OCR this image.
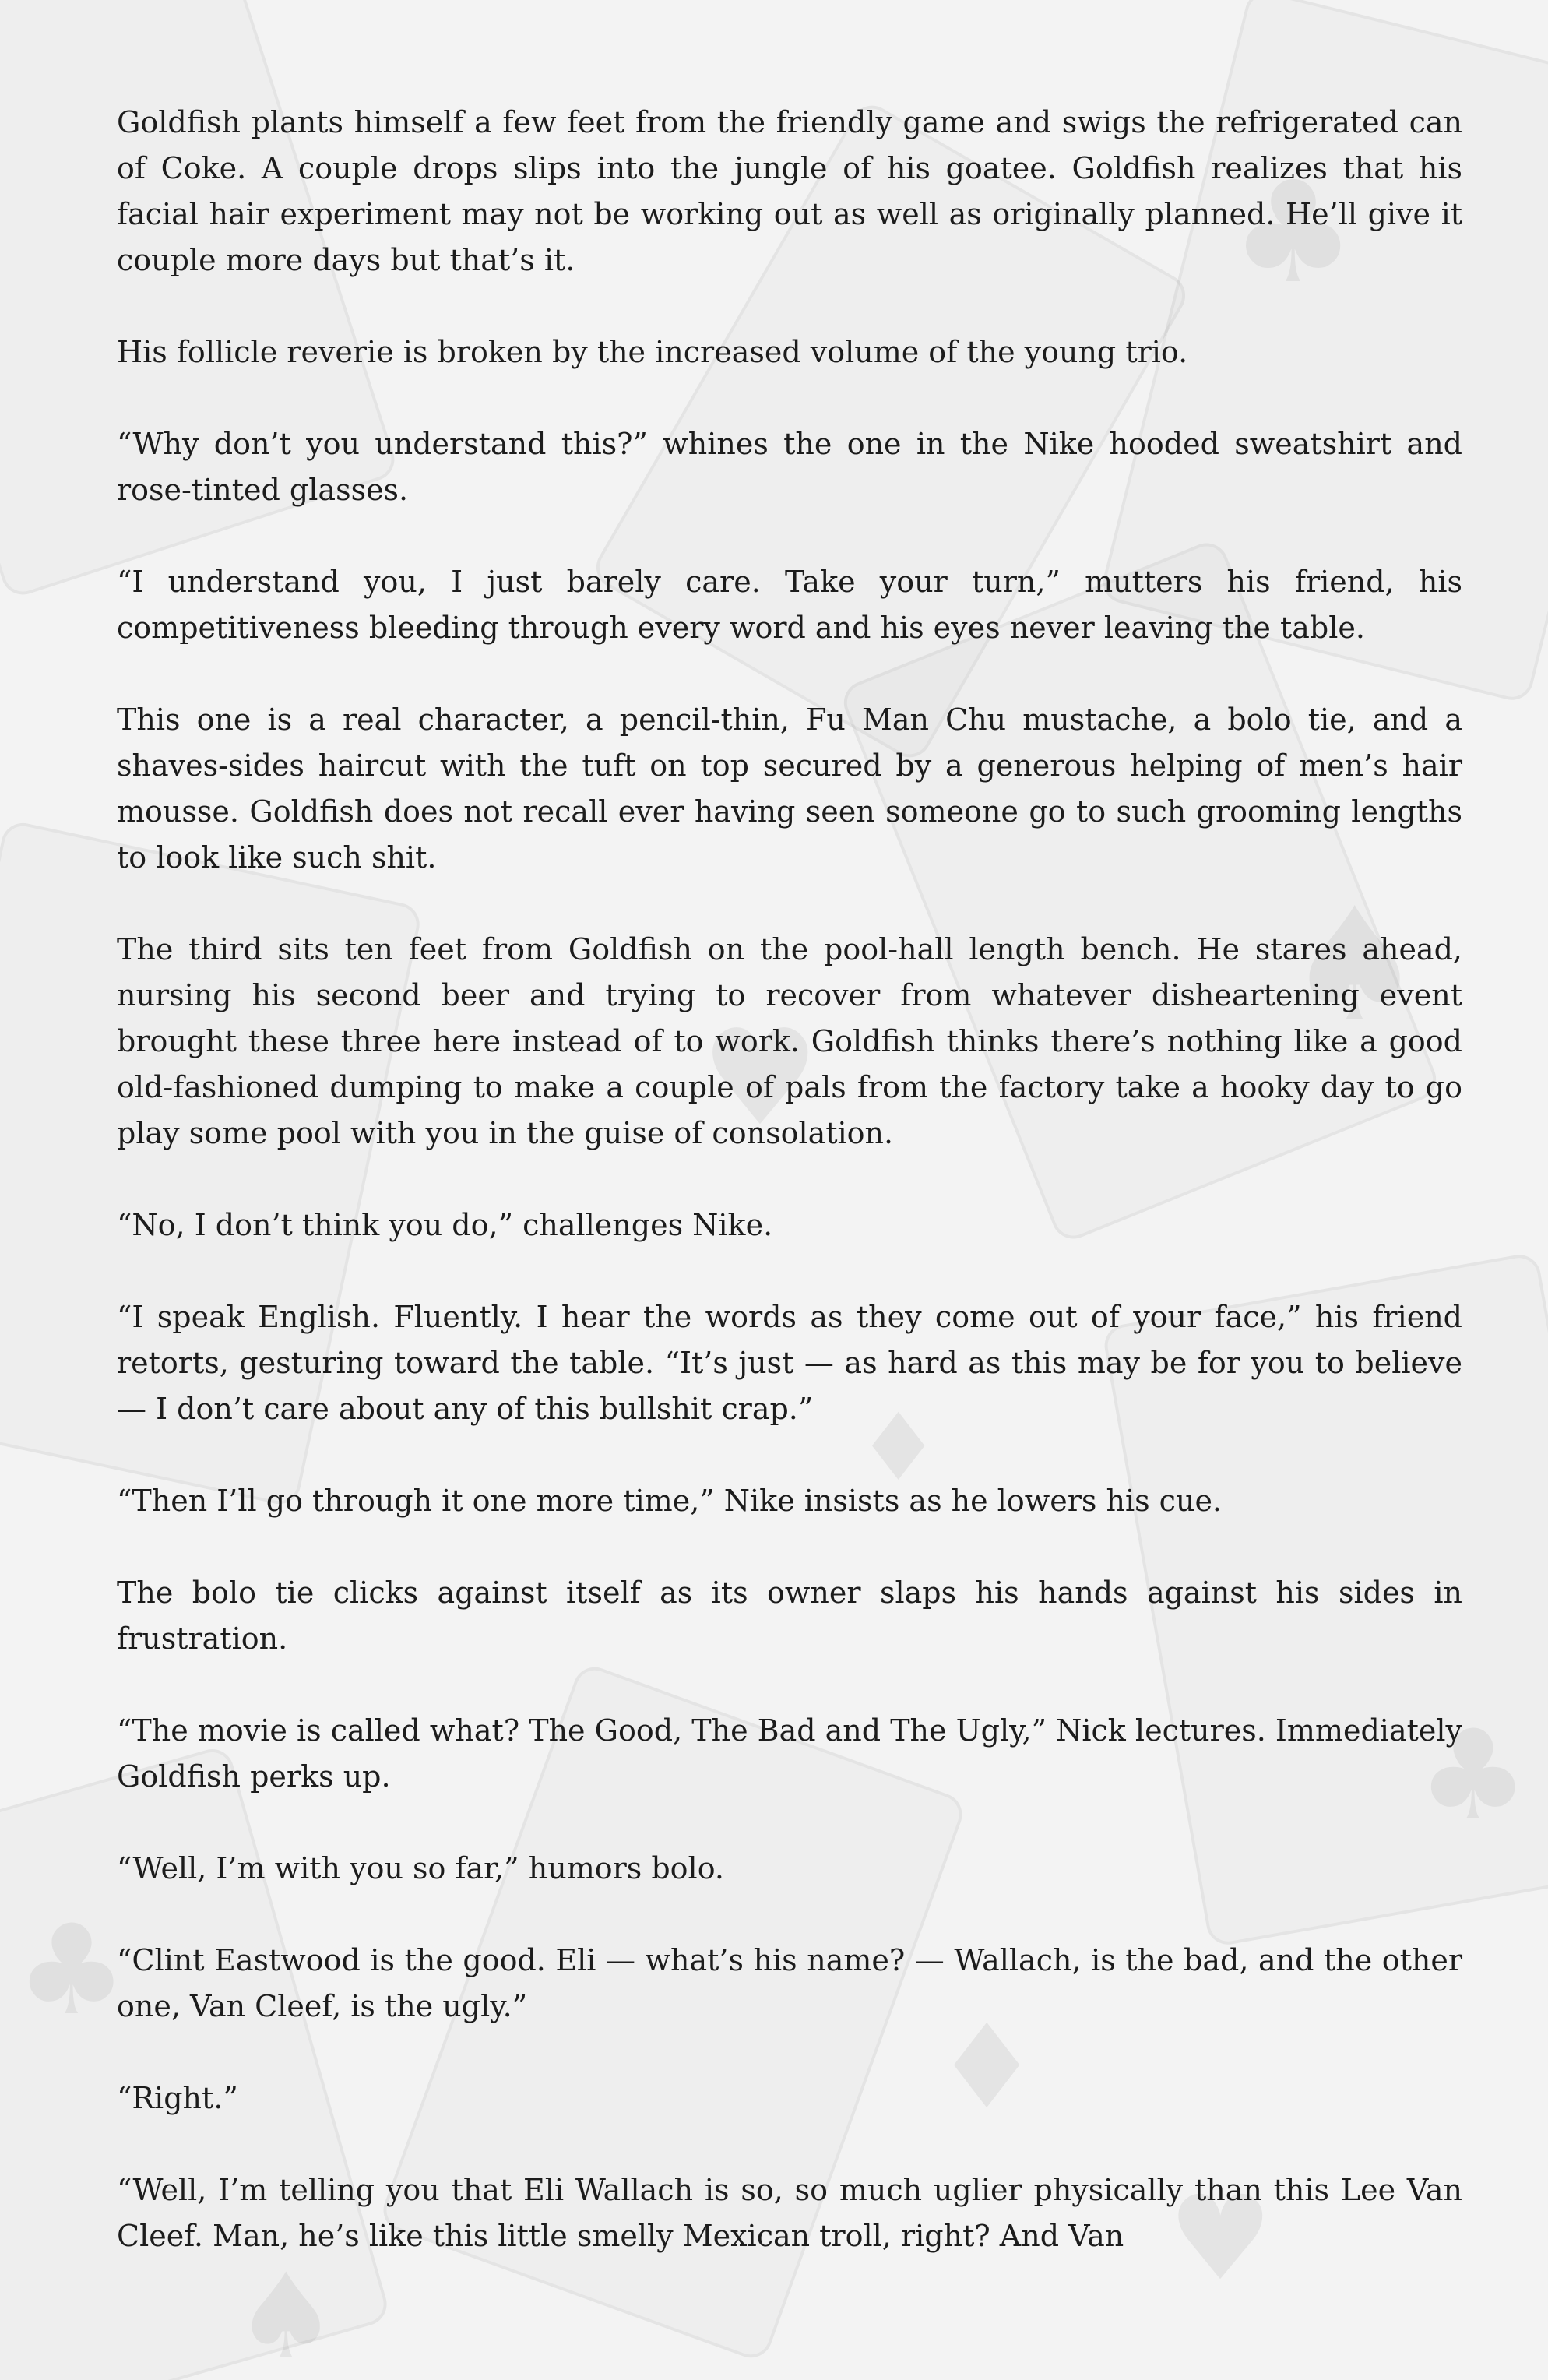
♣
♠
♥
♦
♣
♣
♥
♠
♦

Goldfish plants himself a few feet from the friendly game and swigs the refrigerated can of Coke. A couple drops slips into the jungle of his goatee. Goldfish realizes that his facial hair experiment may not be working out as well as originally planned. He’ll give it couple more days but that’s it.

His follicle reverie is broken by the increased volume of the young trio.

“Why don’t you understand this?” whines the one in the Nike hooded sweatshirt and rose-tinted glasses.

“I understand you, I just barely care. Take your turn,” mutters his friend, his competitiveness bleeding through every word and his eyes never leaving the table.

This one is a real character, a pencil-thin, Fu Man Chu mustache, a bolo tie, and a shaves-sides haircut with the tuft on top secured by a generous helping of men’s hair mousse. Goldfish does not recall ever having seen someone go to such grooming lengths to look like such shit.

The third sits ten feet from Goldfish on the pool-hall length bench. He stares ahead, nursing his second beer and trying to recover from whatever disheartening event brought these three here instead of to work. Goldfish thinks there’s nothing like a good old-fashioned dumping to make a couple of pals from the factory take a hooky day to go play some pool with you in the guise of consolation.

“No, I don’t think you do,” challenges Nike.

“I speak English. Fluently. I hear the words as they come out of your face,” his friend retorts, gesturing toward the table. “It’s just — as hard as this may be for you to believe — I don’t care about any of this bullshit crap.”

“Then I’ll go through it one more time,” Nike insists as he lowers his cue.

The bolo tie clicks against itself as its owner slaps his hands against his sides in frustration.

“The movie is called what? The Good, The Bad and The Ugly,” Nick lectures. Immediately Goldfish perks up.

“Well, I’m with you so far,” humors bolo.

“Clint Eastwood is the good. Eli — what’s his name? — Wallach, is the bad, and the other one, Van Cleef, is the ugly.”

“Right.”

“Well, I’m telling you that Eli Wallach is so, so much uglier physically than this Lee Van Cleef. Man, he’s like this little smelly Mexican troll, right? And Van
